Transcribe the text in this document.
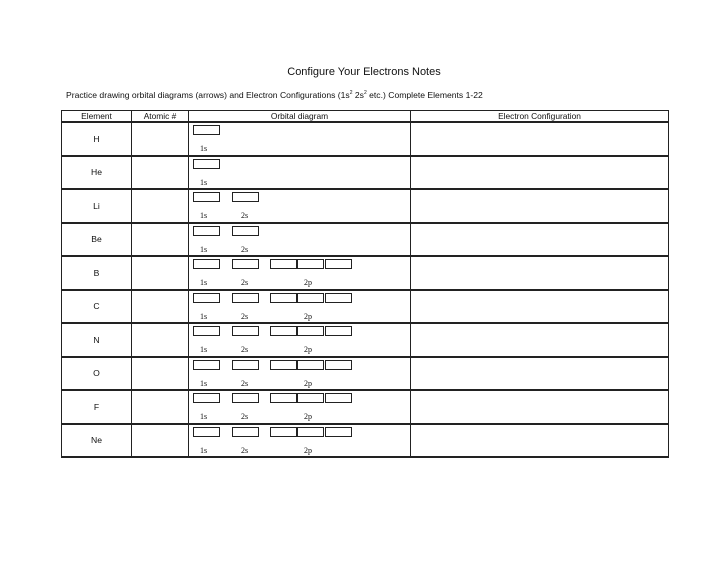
Configure Your Electrons Notes
Practice drawing orbital diagrams (arrows) and Electron Configurations ($1s^2$ $2s^2$ etc.) Complete Elements 1-22
Element	Atomic #	Orbital diagram	Electron Configuration
H		1s	

He		1s	

Li		1s 2s	

Be		1s 2s	

B		1s 2s 2p	

C		1s 2s 2p	

N		1s 2s 2p	

O		1s 2s 2p	

F		1s 2s 2p	

Ne		1s 2s 2p	
